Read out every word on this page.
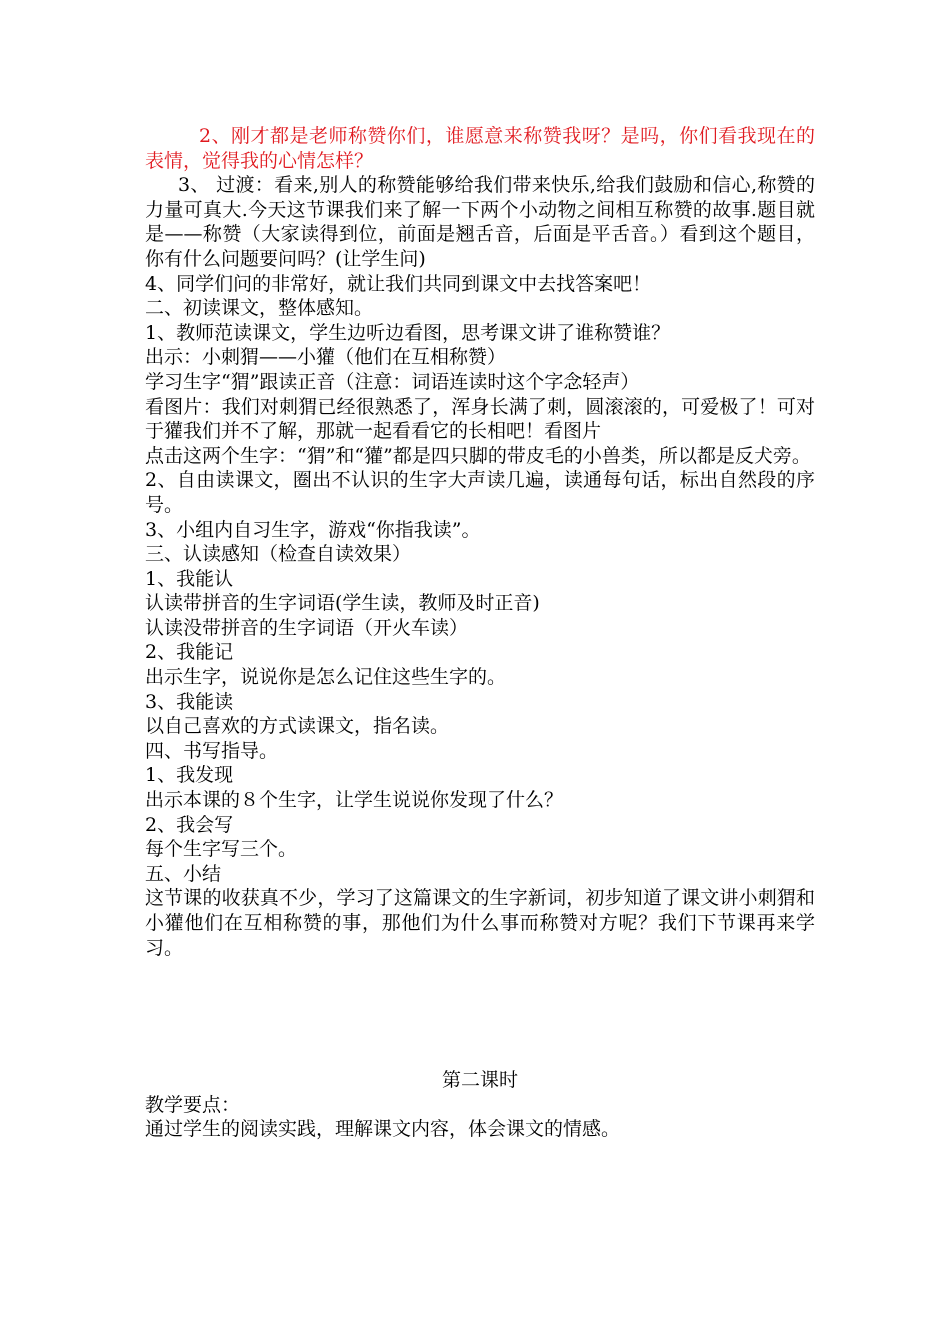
2、刚才都是老师称赞你们，谁愿意来称赞我呀？是吗，你们看我现在的表情，觉得我的心情怎样？

3、 过渡：看来,别人的称赞能够给我们带来快乐,给我们鼓励和信心,称赞的力量可真大.今天这节课我们来了解一下两个小动物之间相互称赞的故事.题目就是——称赞（大家读得到位，前面是翘舌音，后面是平舌音。）看到这个题目，你有什么问题要问吗？(让学生问)

4、同学们问的非常好，就让我们共同到课文中去找答案吧！

二、初读课文，整体感知。

1、教师范读课文，学生边听边看图，思考课文讲了谁称赞谁？

出示：小刺猬——小獾（他们在互相称赞）

学习生字“猬”跟读正音（注意：词语连读时这个字念轻声）

看图片：我们对刺猬已经很熟悉了，浑身长满了刺，圆滚滚的，可爱极了！可对于獾我们并不了解，那就一起看看它的长相吧！看图片

点击这两个生字：“猬”和“獾”都是四只脚的带皮毛的小兽类，所以都是反犬旁。

2、自由读课文，圈出不认识的生字大声读几遍，读通每句话，标出自然段的序号。

3、小组内自习生字，游戏“你指我读”。

三、认读感知（检查自读效果）

1、我能认

认读带拼音的生字词语(学生读，教师及时正音)

认读没带拼音的生字词语（开火车读）

2、我能记

出示生字，说说你是怎么记住这些生字的。

3、我能读

以自己喜欢的方式读课文，指名读。

四、书写指导。

1、我发现

出示本课的８个生字，让学生说说你发现了什么？

2、我会写

每个生字写三个。

五、小结

这节课的收获真不少，学习了这篇课文的生字新词，初步知道了课文讲小刺猬和小獾他们在互相称赞的事，那他们为什么事而称赞对方呢？我们下节课再来学习。

第二课时

教学要点：

通过学生的阅读实践，理解课文内容，体会课文的情感。
